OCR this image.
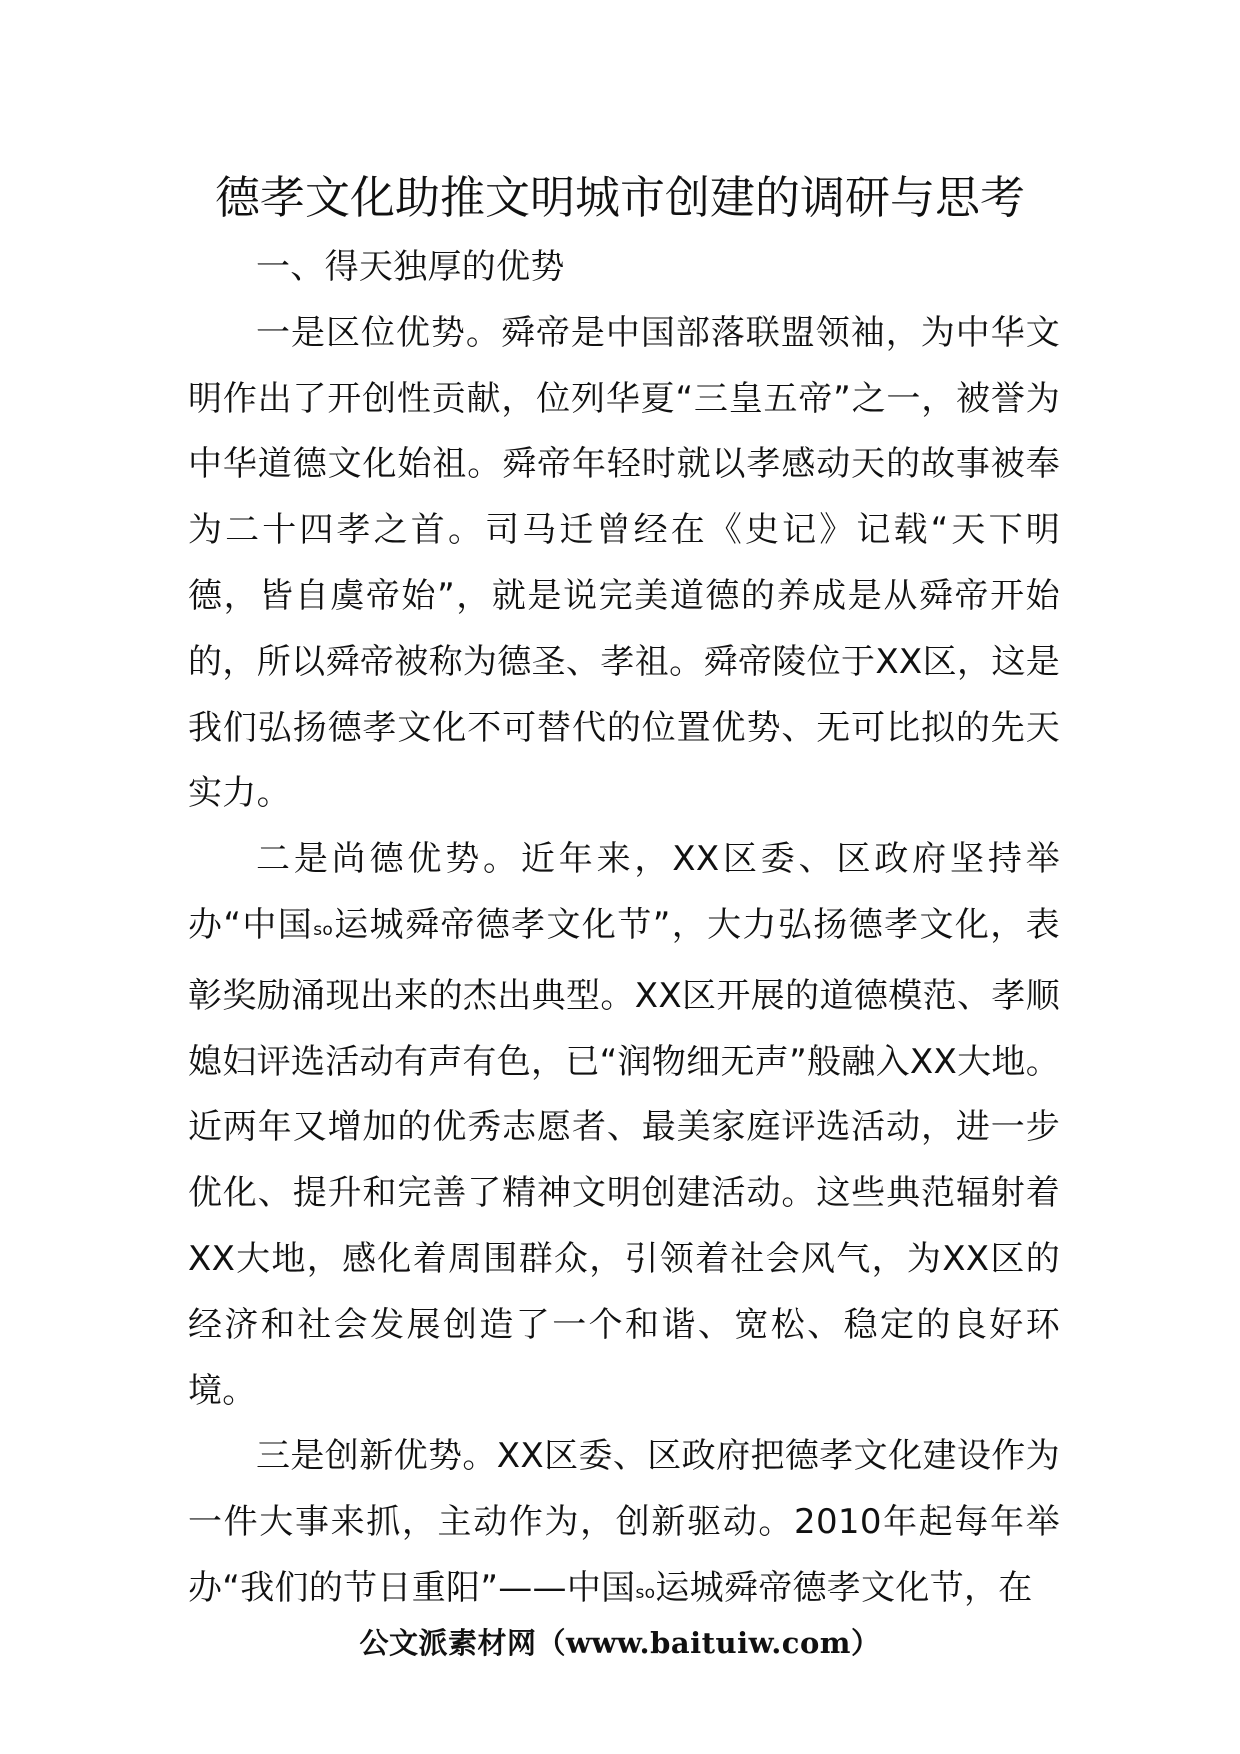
德孝文化助推文明城市创建的调研与思考

一、得天独厚的优势

一是区位优势。舜帝是中国部落联盟领袖，为中华文明作出了开创性贡献，位列华夏“三皇五帝”之一，被誉为中华道德文化始祖。舜帝年轻时就以孝感动天的故事被奉为二十四孝之首。司马迁曾经在《史记》记载“天下明德，皆自虞帝始”，就是说完美道德的养成是从舜帝开始的，所以舜帝被称为德圣、孝祖。舜帝陵位于XX区，这是我们弘扬德孝文化不可替代的位置优势、无可比拟的先天实力。

二是尚德优势。近年来，XX区委、区政府坚持举办“中国so运城舜帝德孝文化节”，大力弘扬德孝文化，表彰奖励涌现出来的杰出典型。XX区开展的道德模范、孝顺媳妇评选活动有声有色，已“润物细无声”般融入XX大地。近两年又增加的优秀志愿者、最美家庭评选活动，进一步优化、提升和完善了精神文明创建活动。这些典范辐射着XX大地，感化着周围群众，引领着社会风气，为XX区的经济和社会发展创造了一个和谐、宽松、稳定的良好环境。

三是创新优势。XX区委、区政府把德孝文化建设作为一件大事来抓，主动作为，创新驱动。2010年起每年举办“我们的节日重阳”——中国so运城舜帝德孝文化节，在

公文派素材网（www.baituiw.com）
